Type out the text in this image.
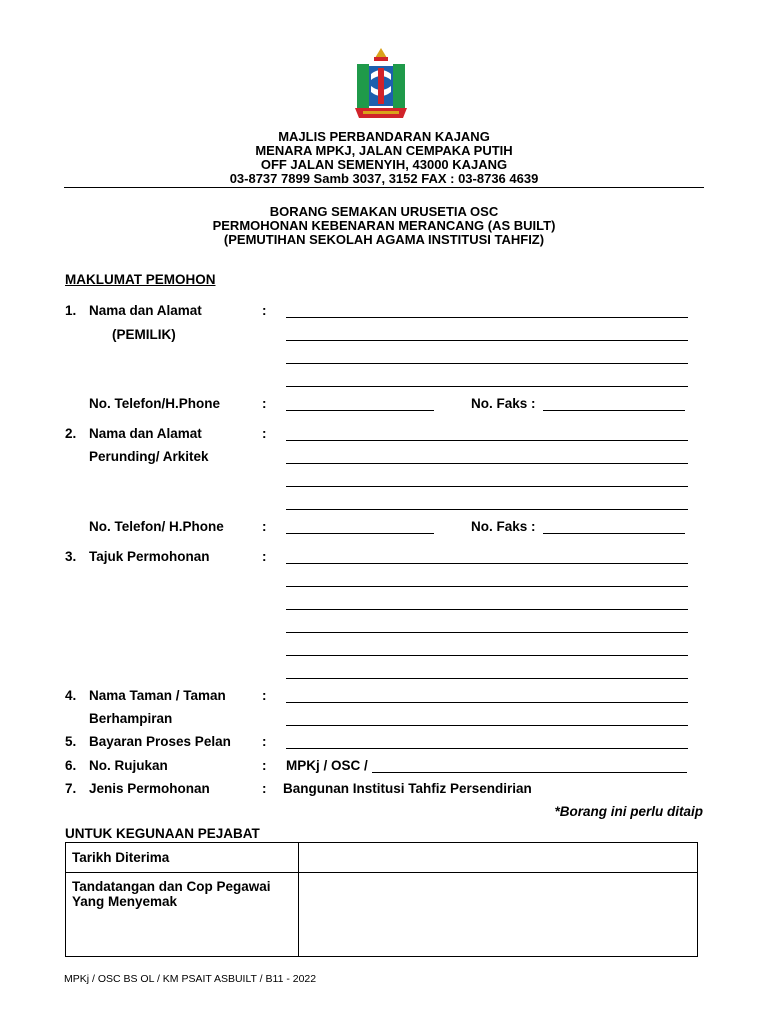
MAJLIS PERBANDARAN KAJANG
MENARA MPKJ, JALAN CEMPAKA PUTIH
OFF JALAN SEMENYIH, 43000 KAJANG
03-8737 7899 Samb 3037, 3152 FAX : 03-8736 4639
BORANG SEMAKAN URUSETIA OSC
PERMOHONAN KEBENARAN MERANCANG (AS BUILT)
(PEMUTIHAN SEKOLAH AGAMA INSTITUSI TAHFIZ)
MAKLUMAT PEMOHON
1. Nama dan Alamat	:
(PEMILIK)
No. Telefon/H.Phone	:	No. Faks :
2. Nama dan Alamat	:
Perunding/ Arkitek
No. Telefon/ H.Phone	:	No. Faks :
3. Tajuk Permohonan	:
4. Nama Taman / Taman	:
Berhampiran
5. Bayaran Proses Pelan :
6. No. Rujukan	: MPKj / OSC /
7. Jenis Permohonan	: Bangunan Institusi Tahfiz Persendirian
*Borang ini perlu ditaip
UNTUK KEGUNAAN PEJABAT
Tarikh Diterima	
Tandatangan dan Cop Pegawai Yang Menyemak	
MPKj / OSC BS OL / KM PSAIT ASBUILT / B11 - 2022
